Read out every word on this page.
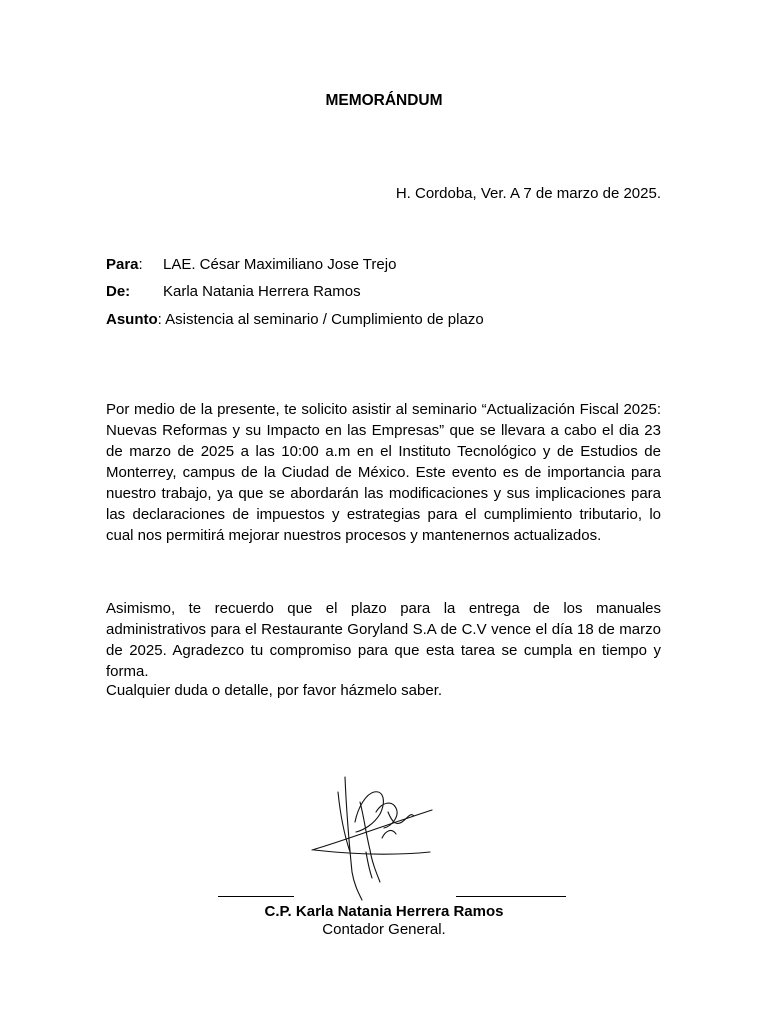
MEMORÁNDUM
H. Cordoba, Ver. A 7 de marzo de 2025.
Para: LAE. César Maximiliano Jose Trejo
De: Karla Natania Herrera Ramos
Asunto: Asistencia al seminario / Cumplimiento de plazo
Por medio de la presente, te solicito asistir al seminario “Actualización Fiscal 2025: Nuevas Reformas y su Impacto en las Empresas” que se llevara a cabo el dia 23 de marzo de 2025 a las 10:00 a.m en el Instituto Tecnológico y de Estudios de Monterrey, campus de la Ciudad de México. Este evento es de importancia para nuestro trabajo, ya que se abordarán las modificaciones y sus implicaciones para las declaraciones de impuestos y estrategias para el cumplimiento tributario, lo cual nos permitirá mejorar nuestros procesos y mantenernos actualizados.
Asimismo, te recuerdo que el plazo para la entrega de los manuales administrativos para el Restaurante Goryland S.A de C.V vence el día 18 de marzo de 2025. Agradezco tu compromiso para que esta tarea se cumpla en tiempo y forma.
Cualquier duda o detalle, por favor házmelo saber.
C.P. Karla Natania Herrera Ramos
Contador General.
